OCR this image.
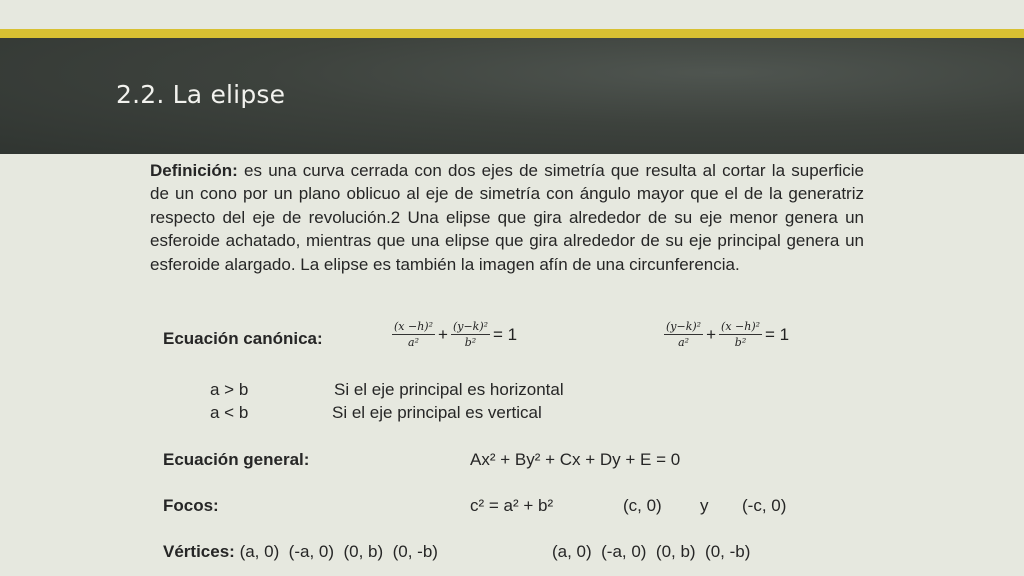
2.2. La elipse
Definición: es una curva cerrada con dos ejes de simetría que resulta al cortar la superficie de un cono por un plano oblicuo al eje de simetría con ángulo mayor que el de la generatriz respecto del eje de revolución.2 Una elipse que gira alrededor de su eje menor genera un esferoide achatado, mientras que una elipse que gira alrededor de su eje principal genera un esferoide alargado. La elipse es también la imagen afín de una circunferencia.
Ecuación canónica:	$\frac{\text{(x −h)²}}{\text{a²}} + \frac{\text{(y−k)²}}{\text{b²}} = 1$	$\frac{\text{(y−k)²}}{\text{a²}} + \frac{\text{(x −h)²}}{\text{b²}} = 1$
a > b	Si el eje principal es horizontal
a < b	Si el eje principal es vertical
Ecuación general:	Ax² + By² + Cx + Dy + E = 0
Focos:	c² = a² + b²	(c, 0) y (-c, 0)
Vértices: (a, 0)  (-a, 0)  (0, b)  (0, -b)	(a, 0)  (-a, 0)  (0, b)  (0, -b)
